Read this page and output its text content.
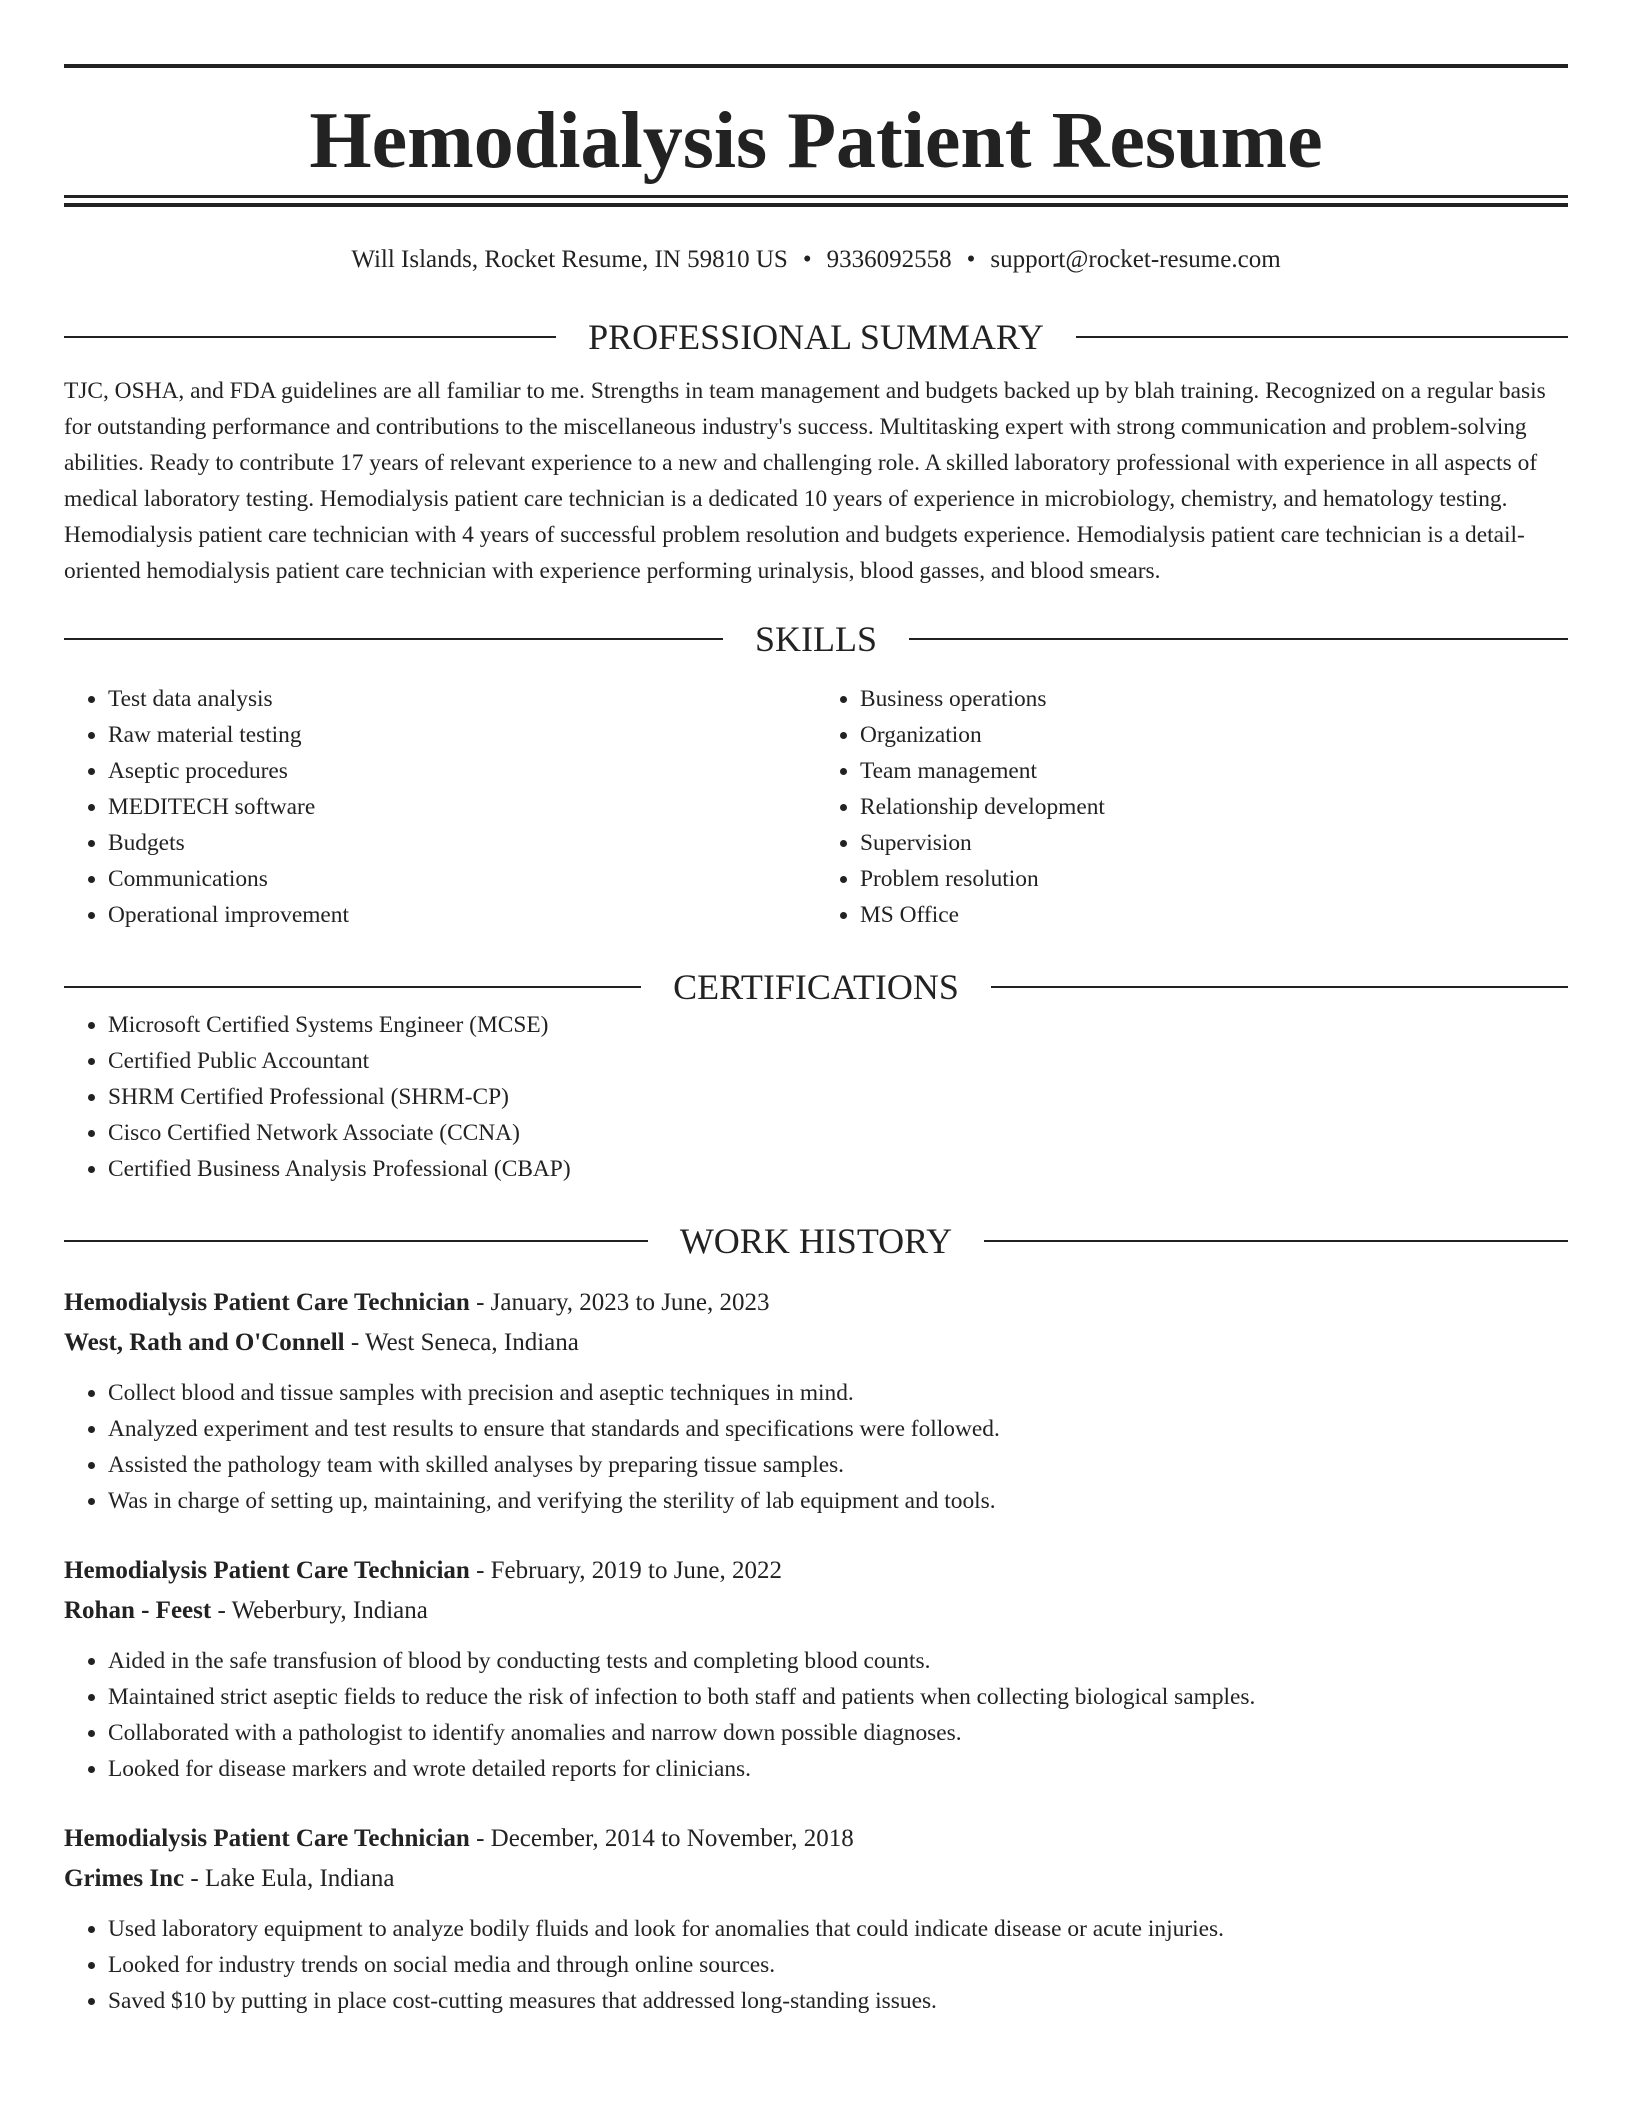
Hemodialysis Patient Resume
Will Islands, Rocket Resume, IN 59810 US • 9336092558 • support@rocket-resume.com
PROFESSIONAL SUMMARY

TJC, OSHA, and FDA guidelines are all familiar to me. Strengths in team management and budgets backed up by blah training. Recognized on a regular basis for outstanding performance and contributions to the miscellaneous industry's success. Multitasking expert with strong communication and problem-solving abilities. Ready to contribute 17 years of relevant experience to a new and challenging role. A skilled laboratory professional with experience in all aspects of medical laboratory testing. Hemodialysis patient care technician is a dedicated 10 years of experience in microbiology, chemistry, and hematology testing. Hemodialysis patient care technician with 4 years of successful problem resolution and budgets experience. Hemodialysis patient care technician is a detail-oriented hemodialysis patient care technician with experience performing urinalysis, blood gasses, and blood smears.

SKILLS
• Test data analysis
• Raw material testing
• Aseptic procedures
• MEDITECH software
• Budgets
• Communications
• Operational improvement
• Business operations
• Organization
• Team management
• Relationship development
• Supervision
• Problem resolution
• MS Office
CERTIFICATIONS
• Microsoft Certified Systems Engineer (MCSE)
• Certified Public Accountant
• SHRM Certified Professional (SHRM-CP)
• Cisco Certified Network Associate (CCNA)
• Certified Business Analysis Professional (CBAP)
WORK HISTORY
Hemodialysis Patient Care Technician - January, 2023 to June, 2023
West, Rath and O'Connell - West Seneca, Indiana
• Collect blood and tissue samples with precision and aseptic techniques in mind.
• Analyzed experiment and test results to ensure that standards and specifications were followed.
• Assisted the pathology team with skilled analyses by preparing tissue samples.
• Was in charge of setting up, maintaining, and verifying the sterility of lab equipment and tools.
Hemodialysis Patient Care Technician - February, 2019 to June, 2022
Rohan - Feest - Weberbury, Indiana
• Aided in the safe transfusion of blood by conducting tests and completing blood counts.
• Maintained strict aseptic fields to reduce the risk of infection to both staff and patients when collecting biological samples.
• Collaborated with a pathologist to identify anomalies and narrow down possible diagnoses.
• Looked for disease markers and wrote detailed reports for clinicians.
Hemodialysis Patient Care Technician - December, 2014 to November, 2018
Grimes Inc - Lake Eula, Indiana
• Used laboratory equipment to analyze bodily fluids and look for anomalies that could indicate disease or acute injuries.
• Looked for industry trends on social media and through online sources.
• Saved $10 by putting in place cost-cutting measures that addressed long-standing issues.
